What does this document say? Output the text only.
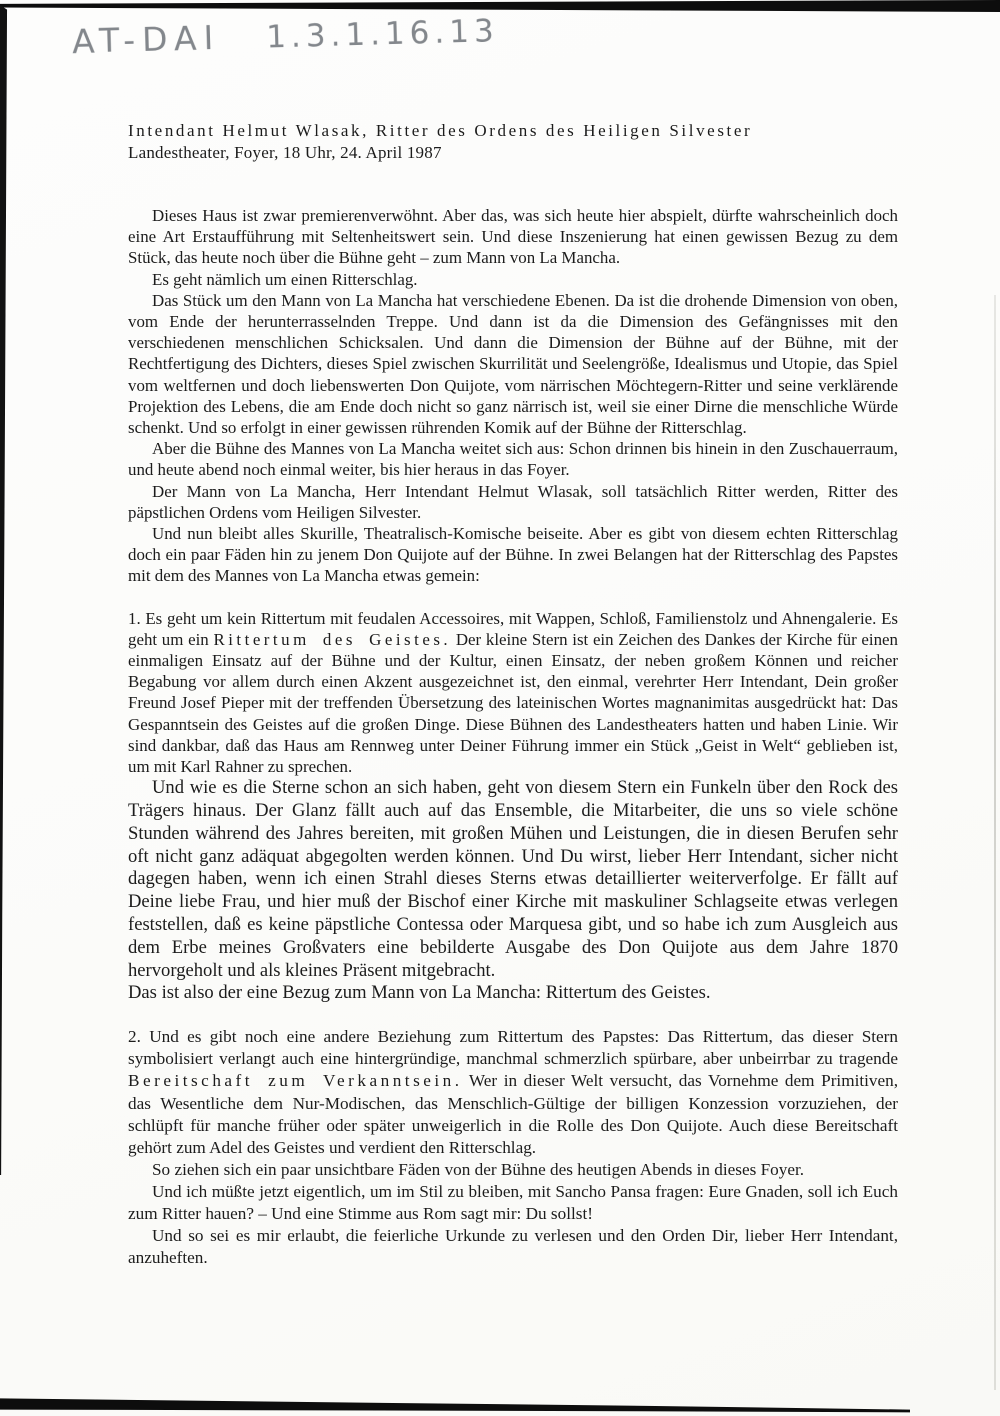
AT-DAI 1.3.1.16.13
Intendant Helmut Wlasak, Ritter des Ordens des Heiligen Silvester
Landestheater, Foyer, 18 Uhr, 24. April 1987

Dieses Haus ist zwar premierenverwöhnt. Aber das, was sich heute hier abspielt, dürfte wahrscheinlich doch eine Art Erstaufführung mit Seltenheitswert sein. Und diese Inszenierung hat einen gewissen Bezug zu dem Stück, das heute noch über die Bühne geht – zum Mann von La Mancha.

Es geht nämlich um einen Ritterschlag.

Das Stück um den Mann von La Mancha hat verschiedene Ebenen. Da ist die drohende Dimension von oben, vom Ende der herunterrasselnden Treppe. Und dann ist da die Dimension des Gefängnisses mit den verschiedenen menschlichen Schicksalen. Und dann die Dimension der Bühne auf der Bühne, mit der Rechtfertigung des Dichters, dieses Spiel zwischen Skurrilität und Seelengröße, Idealismus und Utopie, das Spiel vom weltfernen und doch liebenswerten Don Quijote, vom närrischen Möchtegern-Ritter und seine verklärende Projektion des Lebens, die am Ende doch nicht so ganz närrisch ist, weil sie einer Dirne die menschliche Würde schenkt. Und so erfolgt in einer gewissen rührenden Komik auf der Bühne der Ritterschlag.

Aber die Bühne des Mannes von La Mancha weitet sich aus: Schon drinnen bis hinein in den Zuschauerraum, und heute abend noch einmal weiter, bis hier heraus in das Foyer.

Der Mann von La Mancha, Herr Intendant Helmut Wlasak, soll tatsächlich Ritter werden, Ritter des päpstlichen Ordens vom Heiligen Silvester.

Und nun bleibt alles Skurille, Theatralisch-Komische beiseite. Aber es gibt von diesem echten Ritterschlag doch ein paar Fäden hin zu jenem Don Quijote auf der Bühne. In zwei Belangen hat der Ritterschlag des Papstes mit dem des Mannes von La Mancha etwas gemein:

1. Es geht um kein Rittertum mit feudalen Accessoires, mit Wappen, Schloß, Familienstolz und Ahnengalerie. Es geht um ein Rittertum des Geistes. Der kleine Stern ist ein Zeichen des Dankes der Kirche für einen einmaligen Einsatz auf der Bühne und der Kultur, einen Einsatz, der neben großem Können und reicher Begabung vor allem durch einen Akzent ausgezeichnet ist, den einmal, verehrter Herr Intendant, Dein großer Freund Josef Pieper mit der treffenden Übersetzung des lateinischen Wortes magnanimitas ausgedrückt hat: Das Gespanntsein des Geistes auf die großen Dinge. Diese Bühnen des Landestheaters hatten und haben Linie. Wir sind dankbar, daß das Haus am Rennweg unter Deiner Führung immer ein Stück „Geist in Welt“ geblieben ist, um mit Karl Rahner zu sprechen.

Und wie es die Sterne schon an sich haben, geht von diesem Stern ein Funkeln über den Rock des Trägers hinaus. Der Glanz fällt auch auf das Ensemble, die Mitarbeiter, die uns so viele schöne Stunden während des Jahres bereiten, mit großen Mühen und Leistungen, die in diesen Berufen sehr oft nicht ganz adäquat abgegolten werden können. Und Du wirst, lieber Herr Intendant, sicher nicht dagegen haben, wenn ich einen Strahl dieses Sterns etwas detaillierter weiterverfolge. Er fällt auf Deine liebe Frau, und hier muß der Bischof einer Kirche mit maskuliner Schlagseite etwas verlegen feststellen, daß es keine päpstliche Contessa oder Marquesa gibt, und so habe ich zum Ausgleich aus dem Erbe meines Großvaters eine bebilderte Ausgabe des Don Quijote aus dem Jahre 1870 hervorgeholt und als kleines Präsent mitgebracht.

Das ist also der eine Bezug zum Mann von La Mancha: Rittertum des Geistes.

2. Und es gibt noch eine andere Beziehung zum Rittertum des Papstes: Das Rittertum, das dieser Stern symbolisiert verlangt auch eine hintergründige, manchmal schmerzlich spürbare, aber unbeirrbar zu tragende Bereitschaft zum Verkanntsein. Wer in dieser Welt versucht, das Vornehme dem Primitiven, das Wesentliche dem Nur-Modischen, das Menschlich-Gültige der billigen Konzession vorzuziehen, der schlüpft für manche früher oder später unweigerlich in die Rolle des Don Quijote. Auch diese Bereitschaft gehört zum Adel des Geistes und verdient den Ritterschlag.

So ziehen sich ein paar unsichtbare Fäden von der Bühne des heutigen Abends in dieses Foyer.

Und ich müßte jetzt eigentlich, um im Stil zu bleiben, mit Sancho Pansa fragen: Eure Gnaden, soll ich Euch zum Ritter hauen? – Und eine Stimme aus Rom sagt mir: Du sollst!

Und so sei es mir erlaubt, die feierliche Urkunde zu verlesen und den Orden Dir, lieber Herr Intendant, anzuheften.
